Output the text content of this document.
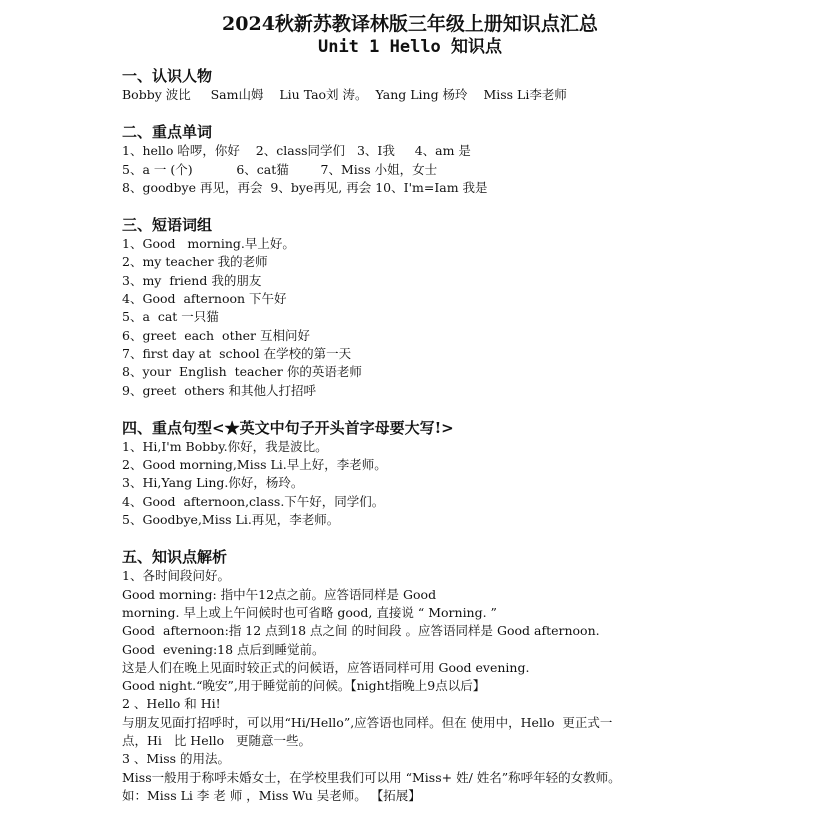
2024秋新苏教译林版三年级上册知识点汇总
Unit 1 Hello 知识点
一、认识人物
Bobby 波比     Sam山姆    Liu Tao刘 涛。  Yang Ling 杨玲    Miss Li李老师
二、重点单词
1、hello 哈啰，你好    2、class同学们   3、I我     4、am 是
5、a 一 (个)           6、cat猫        7、Miss 小姐，女士
8、goodbye 再见，再会  9、bye再见, 再会 10、I'm=Iam 我是
三、短语词组
1、Good   morning.早上好。
2、my teacher 我的老师
3、my  friend 我的朋友
4、Good  afternoon 下午好
5、a  cat 一只猫
6、greet  each  other 互相问好
7、first day at  school 在学校的第一天
8、your  English  teacher 你的英语老师
9、greet  others 和其他人打招呼
四、重点句型<★英文中句子开头首字母要大写!>
1、Hi,I'm Bobby.你好，我是波比。
2、Good morning,Miss Li.早上好，李老师。
3、Hi,Yang Ling.你好，杨玲。
4、Good  afternoon,class.下午好，同学们。
5、Goodbye,Miss Li.再见，李老师。
五、知识点解析
1、各时间段问好。
Good morning: 指中午12点之前。应答语同样是 Good
morning. 早上或上午问候时也可省略 good, 直接说 “ Morning. ”
Good  afternoon:指 12 点到18 点之间 的时间段 。应答语同样是 Good afternoon.
Good  evening:18 点后到睡觉前。
这是人们在晚上见面时较正式的问候语，应答语同样可用 Good evening.
Good night.“晚安”,用于睡觉前的问候。【night指晚上9点以后】
2 、Hello 和 Hi!
与朋友见面打招呼时，可以用“Hi/Hello”,应答语也同样。但在 使用中，Hello  更正式一
点，Hi   比 Hello   更随意一些。
3 、Miss 的用法。
Miss一般用于称呼未婚女士，在学校里我们可以用 “Miss+ 姓/ 姓名”称呼年轻的女教师。
如：Miss Li 李 老 师 ，Miss Wu 吴老师。 【拓展】
